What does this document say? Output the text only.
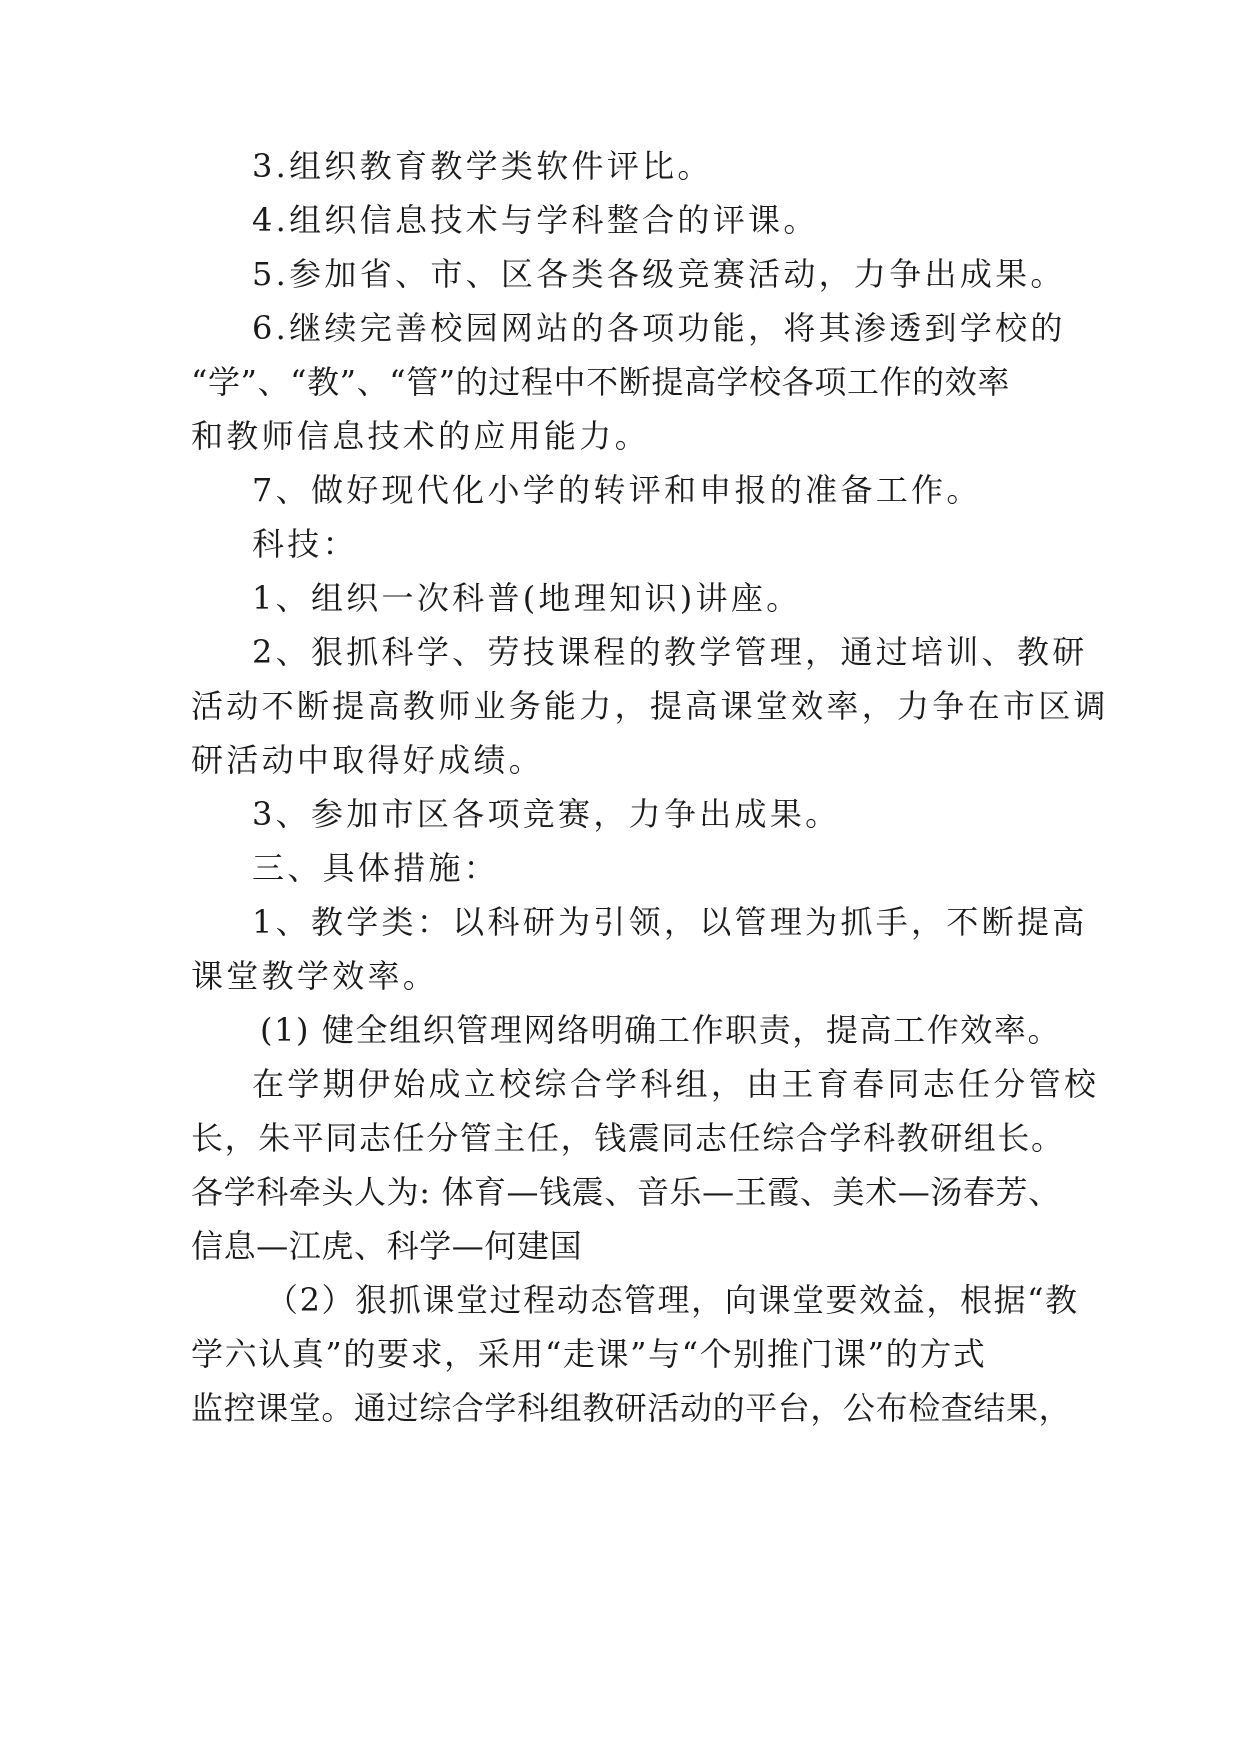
3.组织教育教学类软件评比。

4.组织信息技术与学科整合的评课。

5.参加省、市、区各类各级竞赛活动，力争出成果。

6.继续完善校园网站的各项功能，将其渗透到学校的

“学”、“教”、“管”的过程中不断提高学校各项工作的效率

和教师信息技术的应用能力。

7、做好现代化小学的转评和申报的准备工作。

科技：

1、组织一次科普(地理知识)讲座。

2、狠抓科学、劳技课程的教学管理，通过培训、教研

活动不断提高教师业务能力，提高课堂效率，力争在市区调

研活动中取得好成绩。

3、参加市区各项竞赛，力争出成果。

三、具体措施：

1、教学类：以科研为引领，以管理为抓手，不断提高

课堂教学效率。

(1) 健全组织管理网络明确工作职责，提高工作效率。

在学期伊始成立校综合学科组，由王育春同志任分管校

长，朱平同志任分管主任，钱震同志任综合学科教研组长。

各学科牵头人为: 体育—钱震、音乐—王霞、美术—汤春芳、

信息—江虎、科学—何建国

（2）狠抓课堂过程动态管理，向课堂要效益，根据“教

学六认真”的要求，采用“走课”与“个别推门课”的方式

监控课堂。通过综合学科组教研活动的平台，公布检查结果，
